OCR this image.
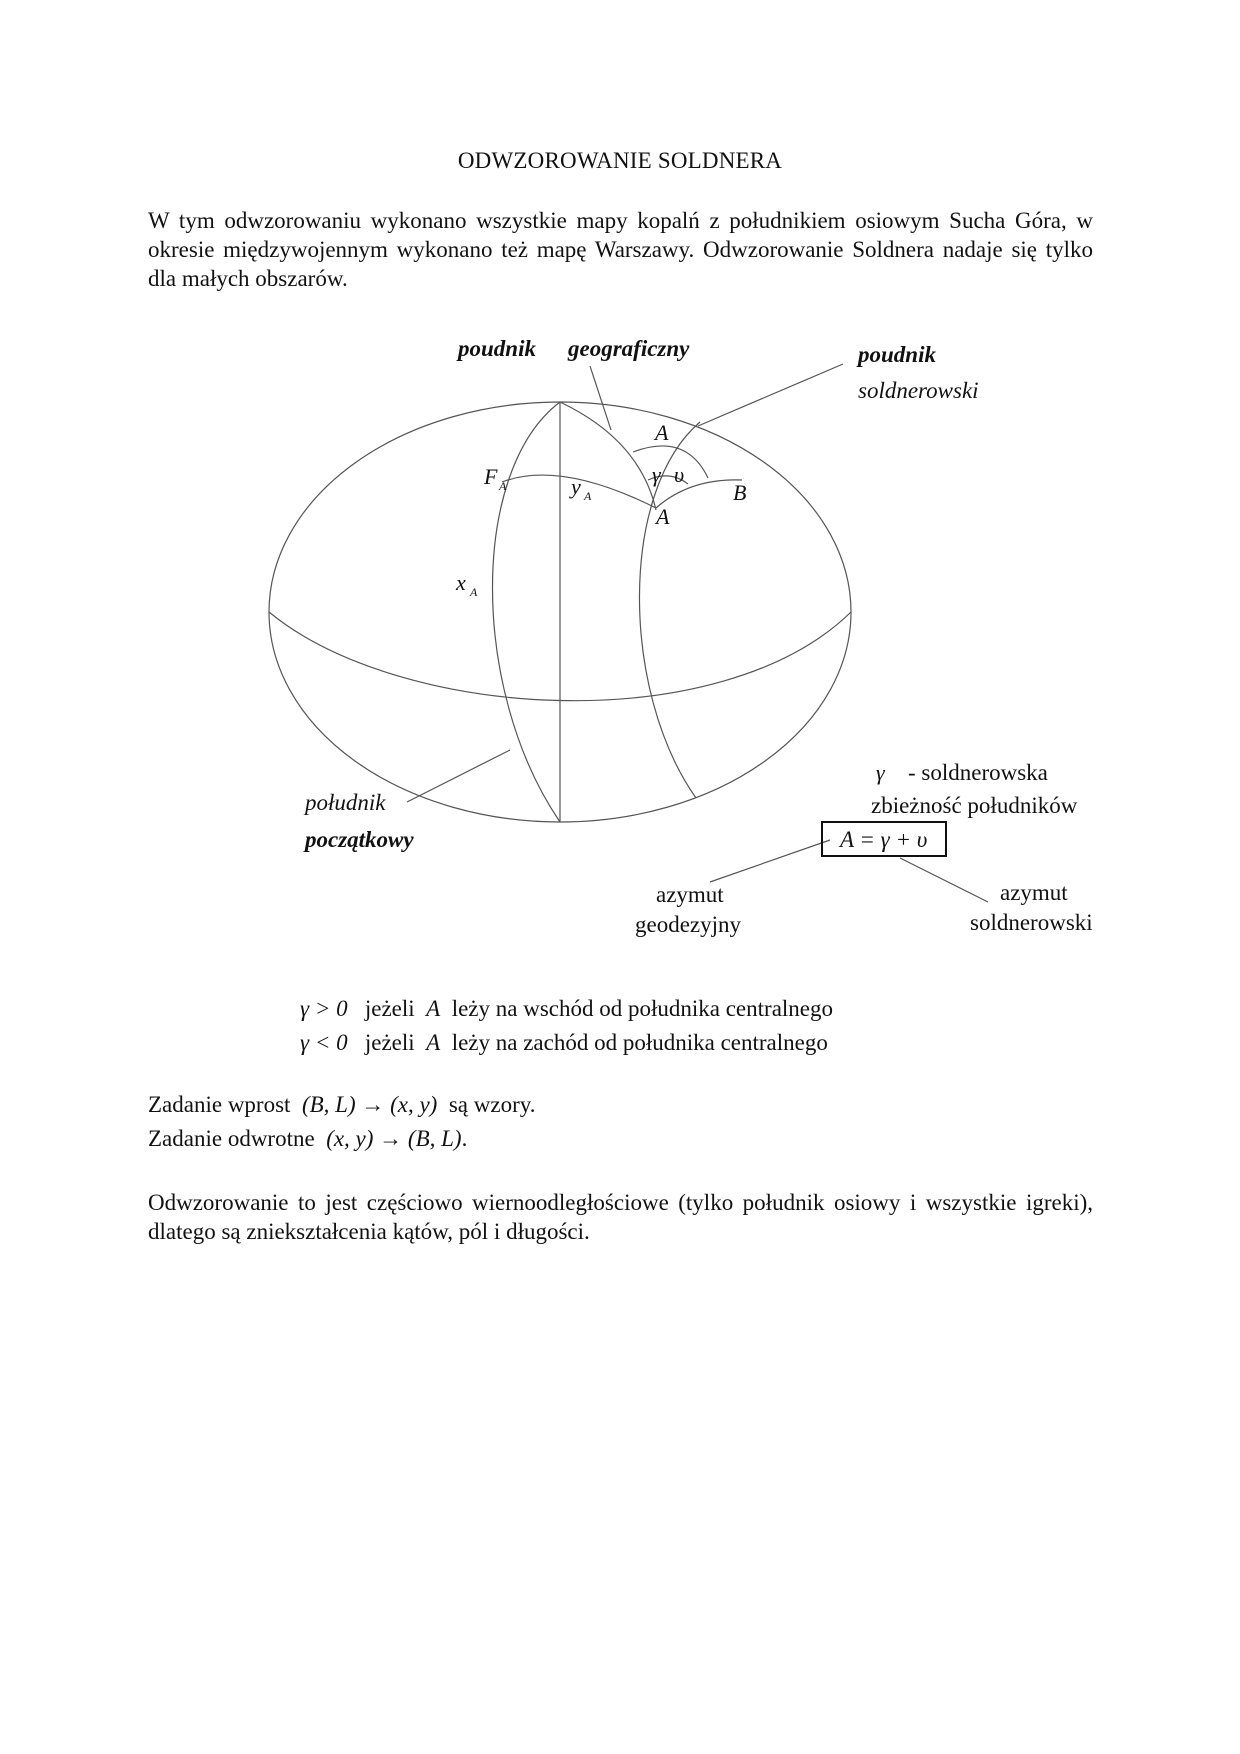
ODWZOROWANIE SOLDNERA
W tym odwzorowaniu wykonano wszystkie mapy kopalń z południkiem osiowym Sucha Góra, w okresie międzywojennym wykonano też mapę Warszawy. Odwzorowanie Soldnera nadaje się tylko dla małych obszarów.
poudnik geograficzny	poudnik
soldnerowski
A
γ υ
B
A
F A	y A
x A
południk
początkowy
γ - soldnerowska
zbieżność południków
A = γ + υ
azymut
geodezyjny
azymut
soldnerowski
γ > 0 jeżeli A leży na wschód od południka centralnego
γ < 0 jeżeli A leży na zachód od południka centralnego
Zadanie wprost (B, L) → (x, y) są wzory.
Zadanie odwrotne (x, y) → (B, L).
Odwzorowanie to jest częściowo wiernoodległościowe (tylko południk osiowy i wszystkie igreki), dlatego są zniekształcenia kątów, pól i długości.
